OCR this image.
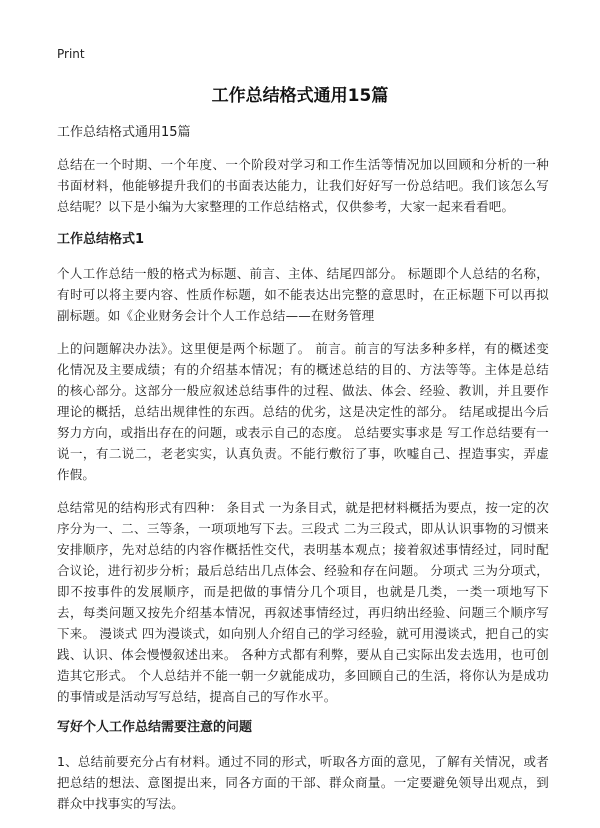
Print
工作总结格式通用15篇
工作总结格式通用15篇

总结在一个时期、一个年度、一个阶段对学习和工作生活等情况加以回顾和分析的一种书面材料，他能够提升我们的书面表达能力，让我们好好写一份总结吧。我们该怎么写总结呢？以下是小编为大家整理的工作总结格式，仅供参考，大家一起来看看吧。

工作总结格式1

个人工作总结一般的格式为标题、前言、主体、结尾四部分。 标题即个人总结的名称，有时可以将主要内容、性质作标题，如不能表达出完整的意思时，在正标题下可以再拟副标题。如《企业财务会计个人工作总结——在财务管理

上的问题解决办法》。这里便是两个标题了。 前言。前言的写法多种多样，有的概述变化情况及主要成绩；有的介绍基本情况；有的概述总结的目的、方法等等。主体是总结的核心部分。这部分一般应叙述总结事件的过程、做法、体会、经验、教训，并且要作理论的概括，总结出规律性的东西。总结的优劣，这是决定性的部分。 结尾或提出今后努力方向，或指出存在的问题，或表示自己的态度。 总结要实事求是 写工作总结要有一说一，有二说二，老老实实，认真负责。不能行敷衍了事，吹嘘自己、捏造事实，弄虚作假。

总结常见的结构形式有四种： 条目式 一为条目式，就是把材料概括为要点，按一定的次序分为一、二、三等条，一项项地写下去。三段式 二为三段式，即从认识事物的习惯来安排顺序，先对总结的内容作概括性交代，表明基本观点；接着叙述事情经过，同时配合议论，进行初步分析；最后总结出几点体会、经验和存在问题。 分项式 三为分项式，即不按事件的发展顺序，而是把做的事情分几个项目，也就是几类，一类一项地写下去，每类问题又按先介绍基本情况，再叙述事情经过，再归纳出经验、问题三个顺序写下来。 漫谈式 四为漫谈式，如向别人介绍自己的学习经验，就可用漫谈式，把自己的实践、认识、体会慢慢叙述出来。 各种方式都有利弊，要从自己实际出发去选用，也可创造其它形式。 个人总结并不能一朝一夕就能成功，多回顾自己的生活，将你认为是成功的事情或是活动写写总结，提高自己的写作水平。

写好个人工作总结需要注意的问题

1、总结前要充分占有材料。通过不同的形式，听取各方面的意见，了解有关情况，或者把总结的想法、意图提出来，同各方面的干部、群众商量。一定要避免领导出观点，到群众中找事实的写法。
